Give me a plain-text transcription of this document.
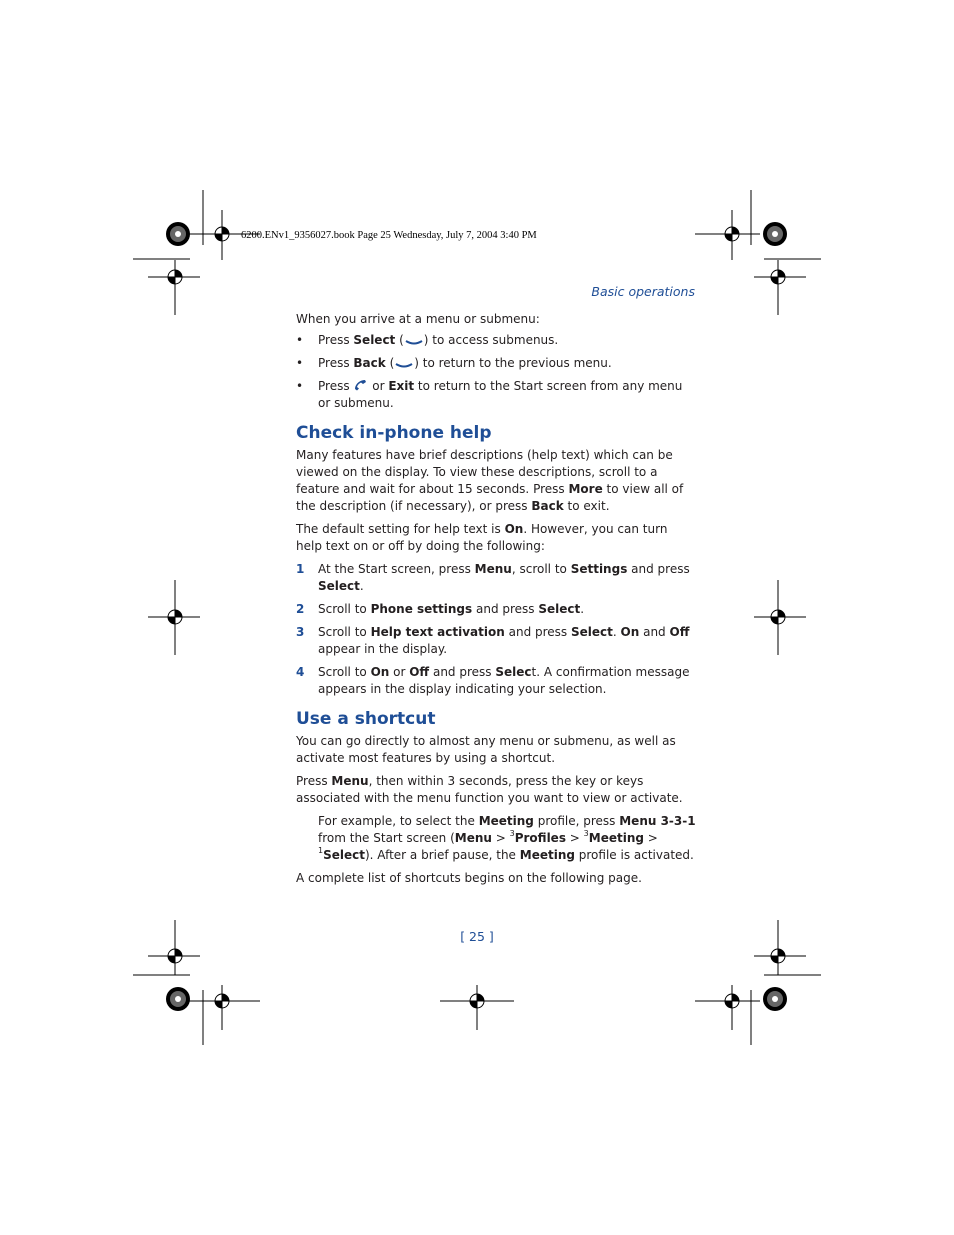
6200.ENv1_9356027.book Page 25 Wednesday, July 7, 2004 3:40 PM
Basic operations

When you arrive at a menu or submenu:

• Press Select ( ) to access submenus.
• Press Back ( ) to return to the previous menu.
• Press  or Exit to return to the Start screen from any menu or submenu.
Check in-phone help

Many features have brief descriptions (help text) which can be viewed on the display. To view these descriptions, scroll to a feature and wait for about 15 seconds. Press More to view all of the description (if necessary), or press Back to exit.

The default setting for help text is On. However, you can turn help text on or off by doing the following:

1 At the Start screen, press Menu, scroll to Settings and press Select.
2 Scroll to Phone settings and press Select.
3 Scroll to Help text activation and press Select. On and Off appear in the display.
4 Scroll to On or Off and press Select. A confirmation message appears in the display indicating your selection.
Use a shortcut

You can go directly to almost any menu or submenu, as well as activate most features by using a shortcut.

Press Menu, then within 3 seconds, press the key or keys associated with the menu function you want to view or activate.

For example, to select the Meeting profile, press Menu 3-3-1 from the Start screen (Menu > $^3$Profiles > $^3$Meeting > $^1$Select). After a brief pause, the Meeting profile is activated.

A complete list of shortcuts begins on the following page.

[ 25 ]
